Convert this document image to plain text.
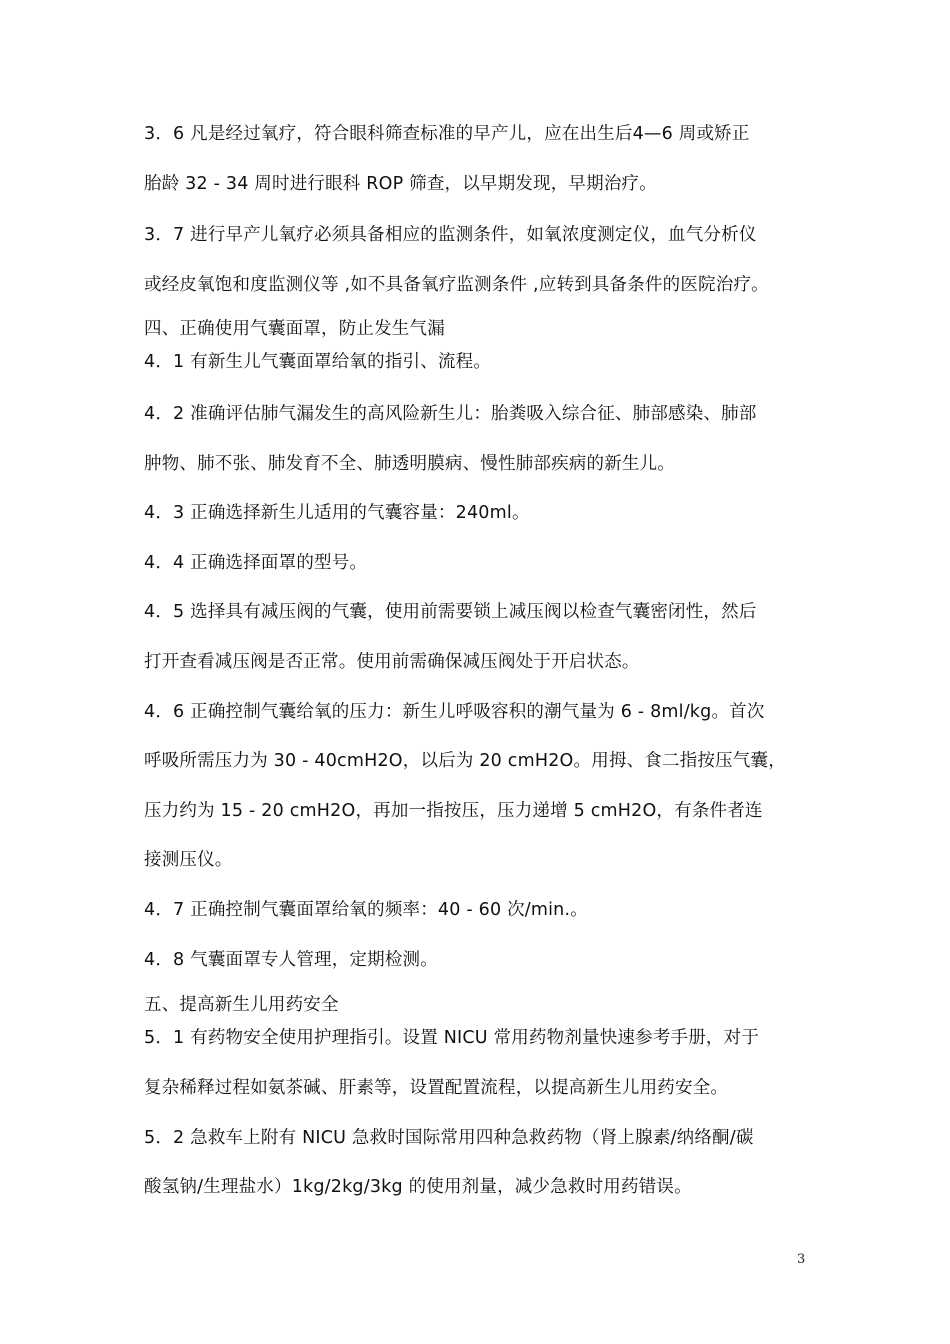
3．6 凡是经过氧疗，符合眼科筛查标准的早产儿，应在出生后4—6 周或矫正
胎龄 32 - 34 周时进行眼科 ROP 筛查，以早期发现，早期治疗。
3．7 进行早产儿氧疗必须具备相应的监测条件，如氧浓度测定仪，血气分析仪
或经皮氧饱和度监测仪等 ,如不具备氧疗监测条件 ,应转到具备条件的医院治疗。
四、正确使用气囊面罩，防止发生气漏
4．1 有新生儿气囊面罩给氧的指引、流程。
4．2 准确评估肺气漏发生的高风险新生儿：胎粪吸入综合征、肺部感染、肺部
肿物、肺不张、肺发育不全、肺透明膜病、慢性肺部疾病的新生儿。
4．3 正确选择新生儿适用的气囊容量：240ml。
4．4 正确选择面罩的型号。
4．5 选择具有减压阀的气囊，使用前需要锁上减压阀以检查气囊密闭性，然后
打开查看减压阀是否正常。使用前需确保减压阀处于开启状态。
4．6 正确控制气囊给氧的压力：新生儿呼吸容积的潮气量为 6 - 8ml/kg。首次
呼吸所需压力为 30 - 40cmH2O，以后为 20 cmH2O。用拇、食二指按压气囊，
压力约为 15 - 20 cmH2O，再加一指按压，压力递增 5 cmH2O，有条件者连
接测压仪。
4．7 正确控制气囊面罩给氧的频率：40 - 60 次/min.。
4．8 气囊面罩专人管理，定期检测。
五、提高新生儿用药安全
5．1 有药物安全使用护理指引。设置 NICU 常用药物剂量快速参考手册，对于
复杂稀释过程如氨茶碱、肝素等，设置配置流程，以提高新生儿用药安全。
5．2 急救车上附有 NICU 急救时国际常用四种急救药物（肾上腺素/纳络酮/碳
酸氢钠/生理盐水）1kg/2kg/3kg 的使用剂量，减少急救时用药错误。
3
